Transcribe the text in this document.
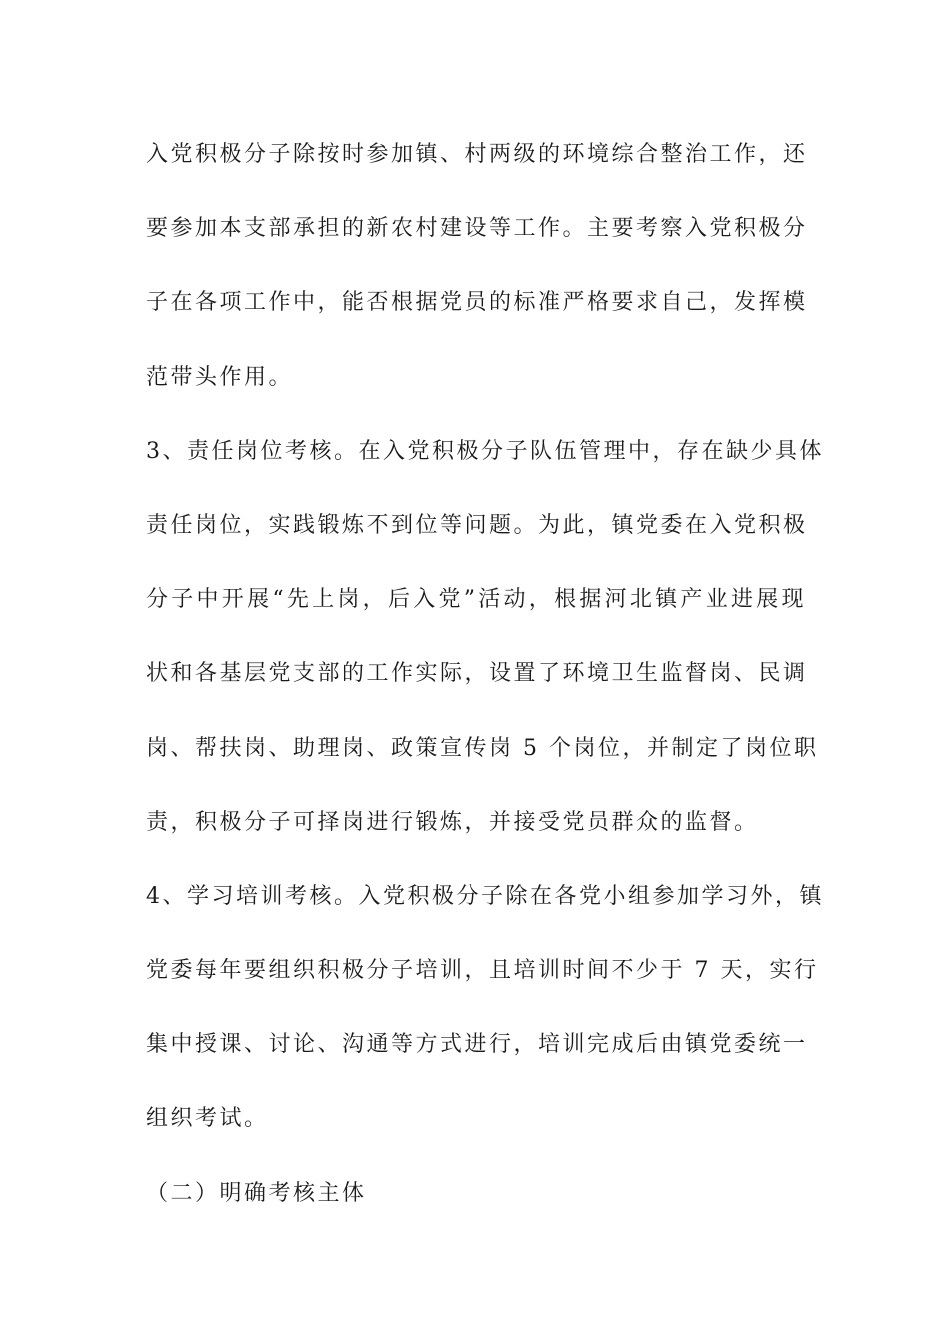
入党积极分子除按时参加镇、村两级的环境综合整治工作，还
要参加本支部承担的新农村建设等工作。主要考察入党积极分
子在各项工作中，能否根据党员的标准严格要求自己，发挥模
范带头作用。
3、责任岗位考核。在入党积极分子队伍管理中，存在缺少具体
责任岗位，实践锻炼不到位等问题。为此，镇党委在入党积极
分子中开展“先上岗，后入党”活动，根据河北镇产业进展现
状和各基层党支部的工作实际，设置了环境卫生监督岗、民调
岗、帮扶岗、助理岗、政策宣传岗 5 个岗位，并制定了岗位职
责，积极分子可择岗进行锻炼，并接受党员群众的监督。
4、学习培训考核。入党积极分子除在各党小组参加学习外，镇
党委每年要组织积极分子培训，且培训时间不少于 7 天，实行
集中授课、讨论、沟通等方式进行，培训完成后由镇党委统一
组织考试。
（二）明确考核主体
